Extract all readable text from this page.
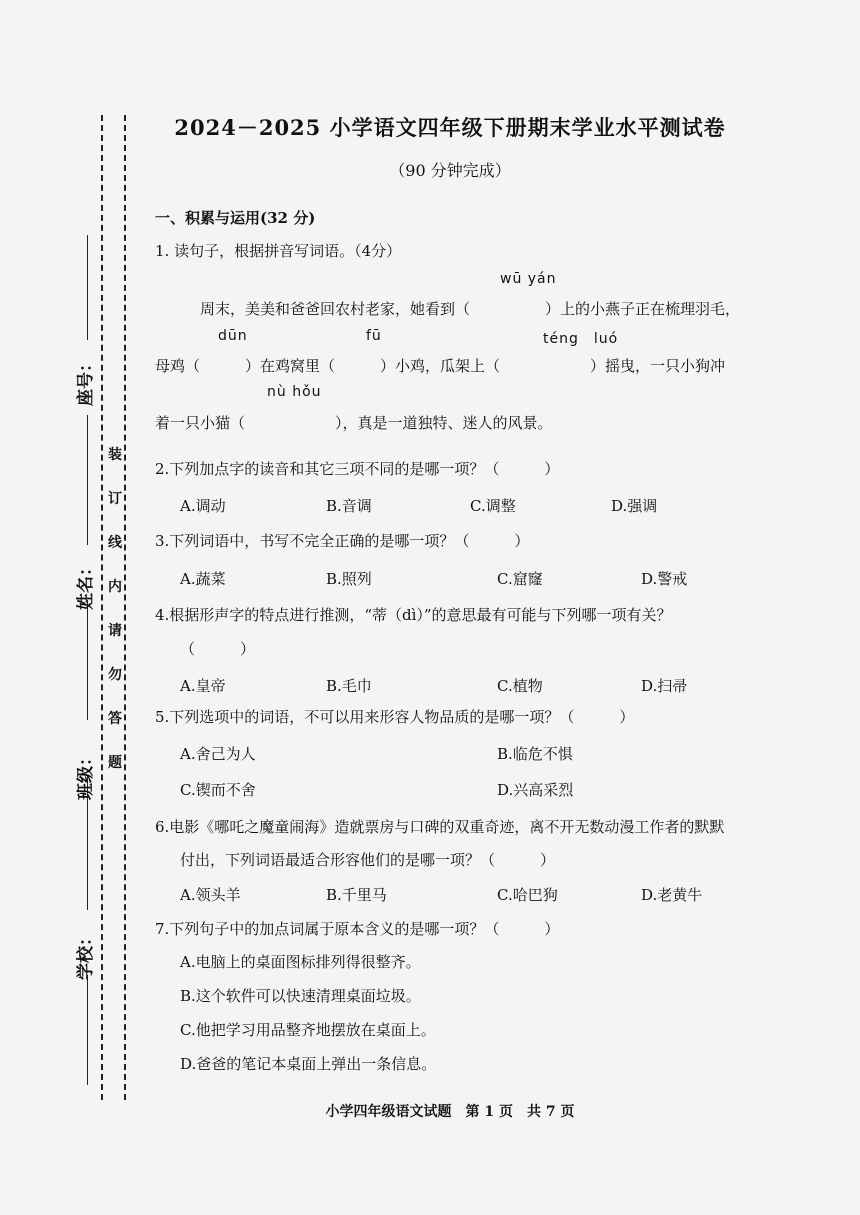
座号：
姓名：
班级：
学校：
装
订
线
内
请
勿
答
题
2024－2025 小学语文四年级下册期末学业水平测试卷
（90 分钟完成）
一、积累与运用(32 分)
1. 读句子，根据拼音写词语。（4分）
wū yán
周末，美美和爸爸回农村老家，她看到（　　　　　）上的小燕子正在梳理羽毛，
dūn	fū	téng　luó
母鸡（　　　）在鸡窝里（　　　）小鸡，瓜架上（　　　　　　）摇曳，一只小狗冲
nù hǒu
着一只小猫（　　　　　　），真是一道独特、迷人的风景。
2.下列加点字的读音和其它三项不同的是哪一项？（　　　）
A.调动	B.音调	C.调整	D.强调
3.下列词语中，书写不完全正确的是哪一项？（　　　）
A.蔬菜	B.照列	C.窟窿	D.警戒
4.根据形声字的特点进行推测，“蒂（dì）”的意思最有可能与下列哪一项有关？
（　　　）
A.皇帝	B.毛巾	C.植物	D.扫帚
5.下列选项中的词语，不可以用来形容人物品质的是哪一项？（　　　）
A.舍己为人	B.临危不惧
C.锲而不舍	D.兴高采烈
6.电影《哪吒之魔童闹海》造就票房与口碑的双重奇迹，离不开无数动漫工作者的默默
付出，下列词语最适合形容他们的是哪一项？（　　　）
A.领头羊	B.千里马	C.哈巴狗	D.老黄牛
7.下列句子中的加点词属于原本含义的是哪一项？（　　　）
A.电脑上的桌面图标排列得很整齐。
B.这个软件可以快速清理桌面垃圾。
C.他把学习用品整齐地摆放在桌面上。
D.爸爸的笔记本桌面上弹出一条信息。
小学四年级语文试题　第 1 页　共 7 页
